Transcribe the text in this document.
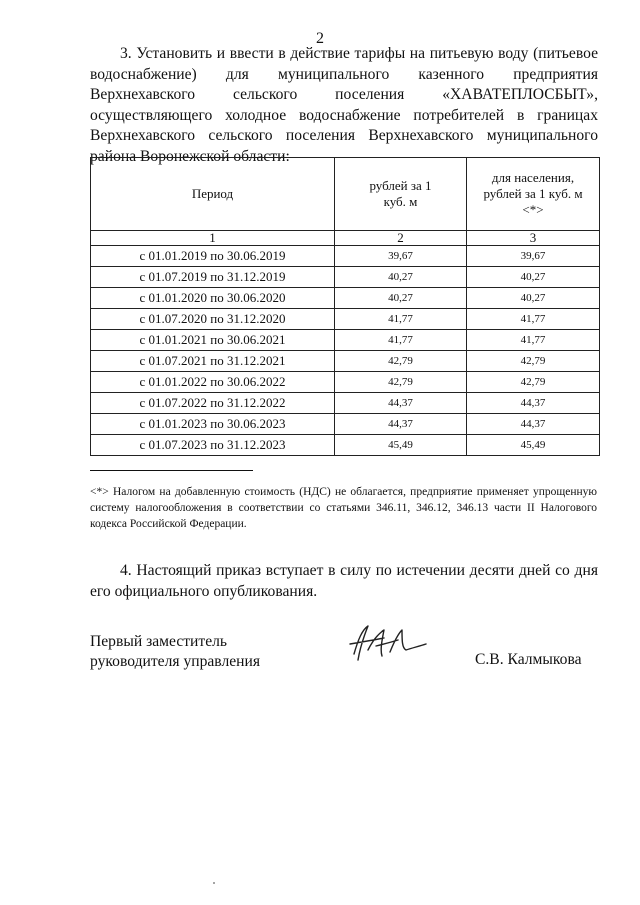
2

3. Установить и ввести в действие тарифы на питьевую воду (питьевое водоснабжение) для муниципального казенного предприятия Верхнехавского сельского поселения «ХАВАТЕПЛОСБЫТ», осуществляющего холодное водоснабжение потребителей в границах Верхнехавского сельского поселения Верхнехавского муниципального района Воронежской области:

Период	рублей за 1 куб. м	для населения, рублей за 1 куб. м <*>

1	2	3
с 01.01.2019 по 30.06.2019	39,67	39,67
с 01.07.2019 по 31.12.2019	40,27	40,27
с 01.01.2020 по 30.06.2020	40,27	40,27
с 01.07.2020 по 31.12.2020	41,77	41,77
с 01.01.2021 по 30.06.2021	41,77	41,77
с 01.07.2021 по 31.12.2021	42,79	42,79
с 01.01.2022 по 30.06.2022	42,79	42,79
с 01.07.2022 по 31.12.2022	44,37	44,37
с 01.01.2023 по 30.06.2023	44,37	44,37
с 01.07.2023 по 31.12.2023	45,49	45,49

<*> Налогом на добавленную стоимость (НДС) не облагается, предприятие применяет упрощенную систему налогообложения в соответствии со статьями 346.11, 346.12, 346.13 части II Налогового кодекса Российской Федерации.

4. Настоящий приказ вступает в силу по истечении десяти дней со дня его официального опубликования.

Первый заместитель
руководителя управления	С.В. Калмыкова
